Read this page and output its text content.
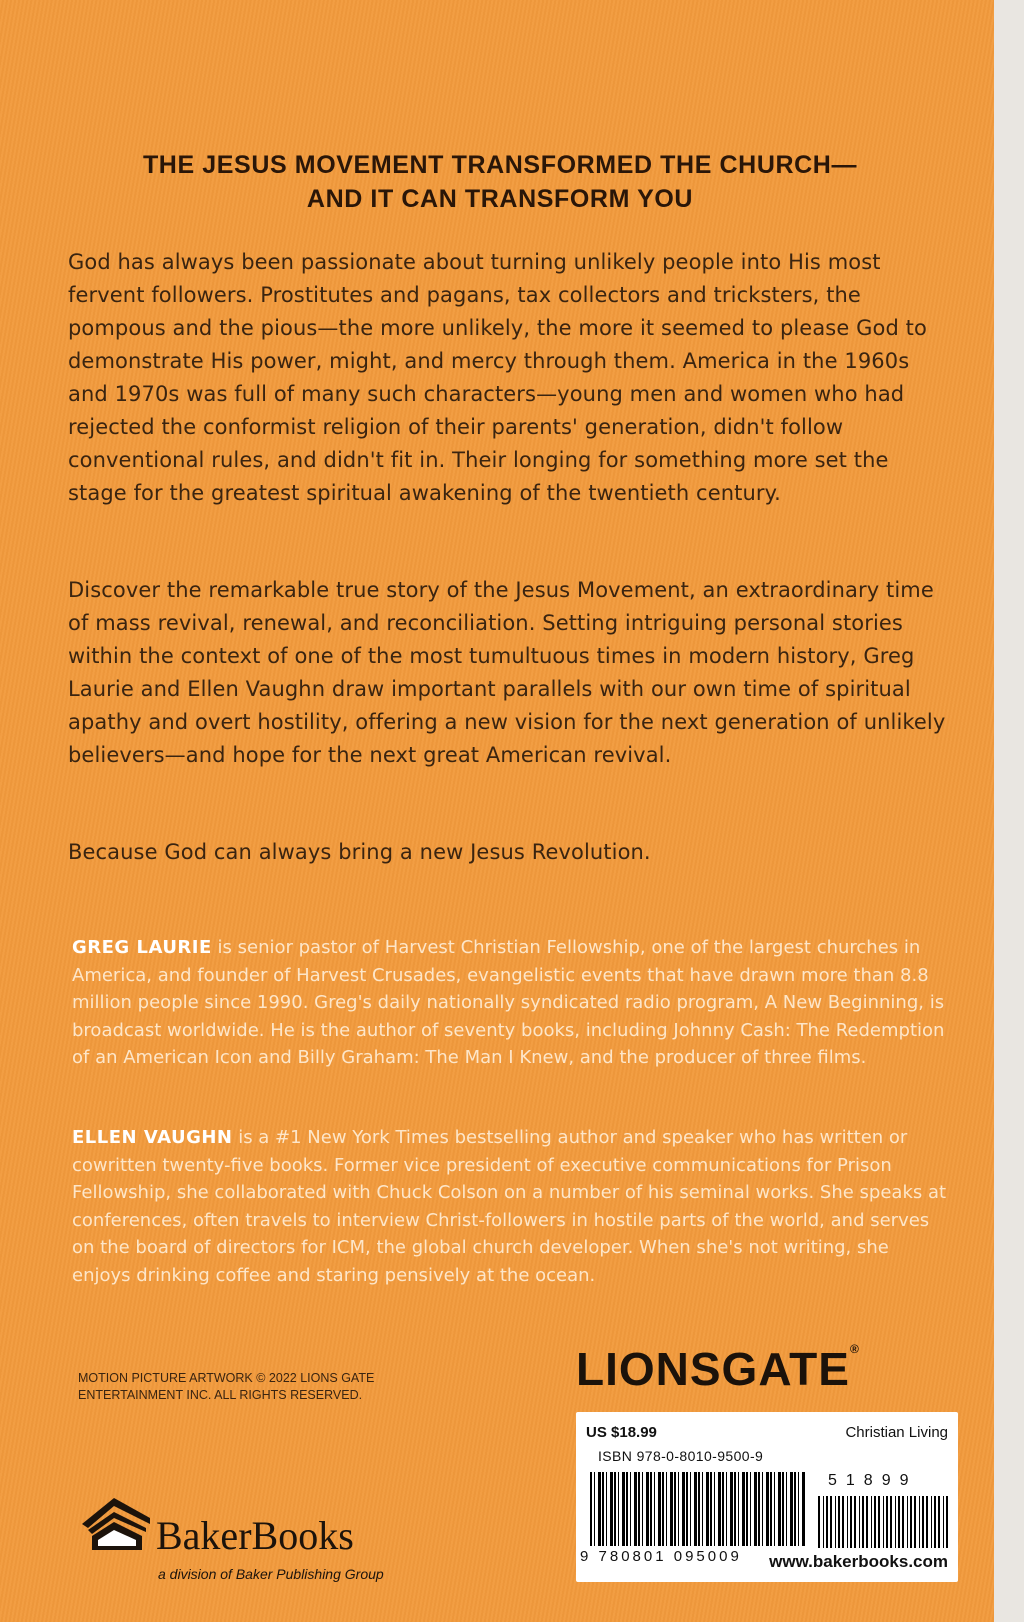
THE JESUS MOVEMENT TRANSFORMED THE CHURCH—
AND IT CAN TRANSFORM YOU
God has always been passionate about turning unlikely people into His most fervent followers. Prostitutes and pagans, tax collectors and tricksters, the pompous and the pious—the more unlikely, the more it seemed to please God to demonstrate His power, might, and mercy through them. America in the 1960s and 1970s was full of many such characters—young men and women who had rejected the conformist religion of their parents' generation, didn't follow conventional rules, and didn't fit in. Their longing for something more set the stage for the greatest spiritual awakening of the twentieth century.
Discover the remarkable true story of the Jesus Movement, an extraordinary time of mass revival, renewal, and reconciliation. Setting intriguing personal stories within the context of one of the most tumultuous times in modern history, Greg Laurie and Ellen Vaughn draw important parallels with our own time of spiritual apathy and overt hostility, offering a new vision for the next generation of unlikely believers—and hope for the next great American revival.
Because God can always bring a new Jesus Revolution.
GREG LAURIE is senior pastor of Harvest Christian Fellowship, one of the largest churches in America, and founder of Harvest Crusades, evangelistic events that have drawn more than 8.8 million people since 1990. Greg's daily nationally syndicated radio program, A New Beginning, is broadcast worldwide. He is the author of seventy books, including Johnny Cash: The Redemption of an American Icon and Billy Graham: The Man I Knew, and the producer of three films.
ELLEN VAUGHN is a #1 New York Times bestselling author and speaker who has written or cowritten twenty-five books. Former vice president of executive communications for Prison Fellowship, she collaborated with Chuck Colson on a number of his seminal works. She speaks at conferences, often travels to interview Christ-followers in hostile parts of the world, and serves on the board of directors for ICM, the global church developer. When she's not writing, she enjoys drinking coffee and staring pensively at the ocean.
MOTION PICTURE ARTWORK © 2022 LIONS GATE ENTERTAINMENT INC. ALL RIGHTS RESERVED.	LIONSGATE®
US $18.99	Christian Living
ISBN 978-0-8010-9500-9
51899
9 780801 095009 www.bakerbooks.com
BakerBooks
a division of Baker Publishing Group
